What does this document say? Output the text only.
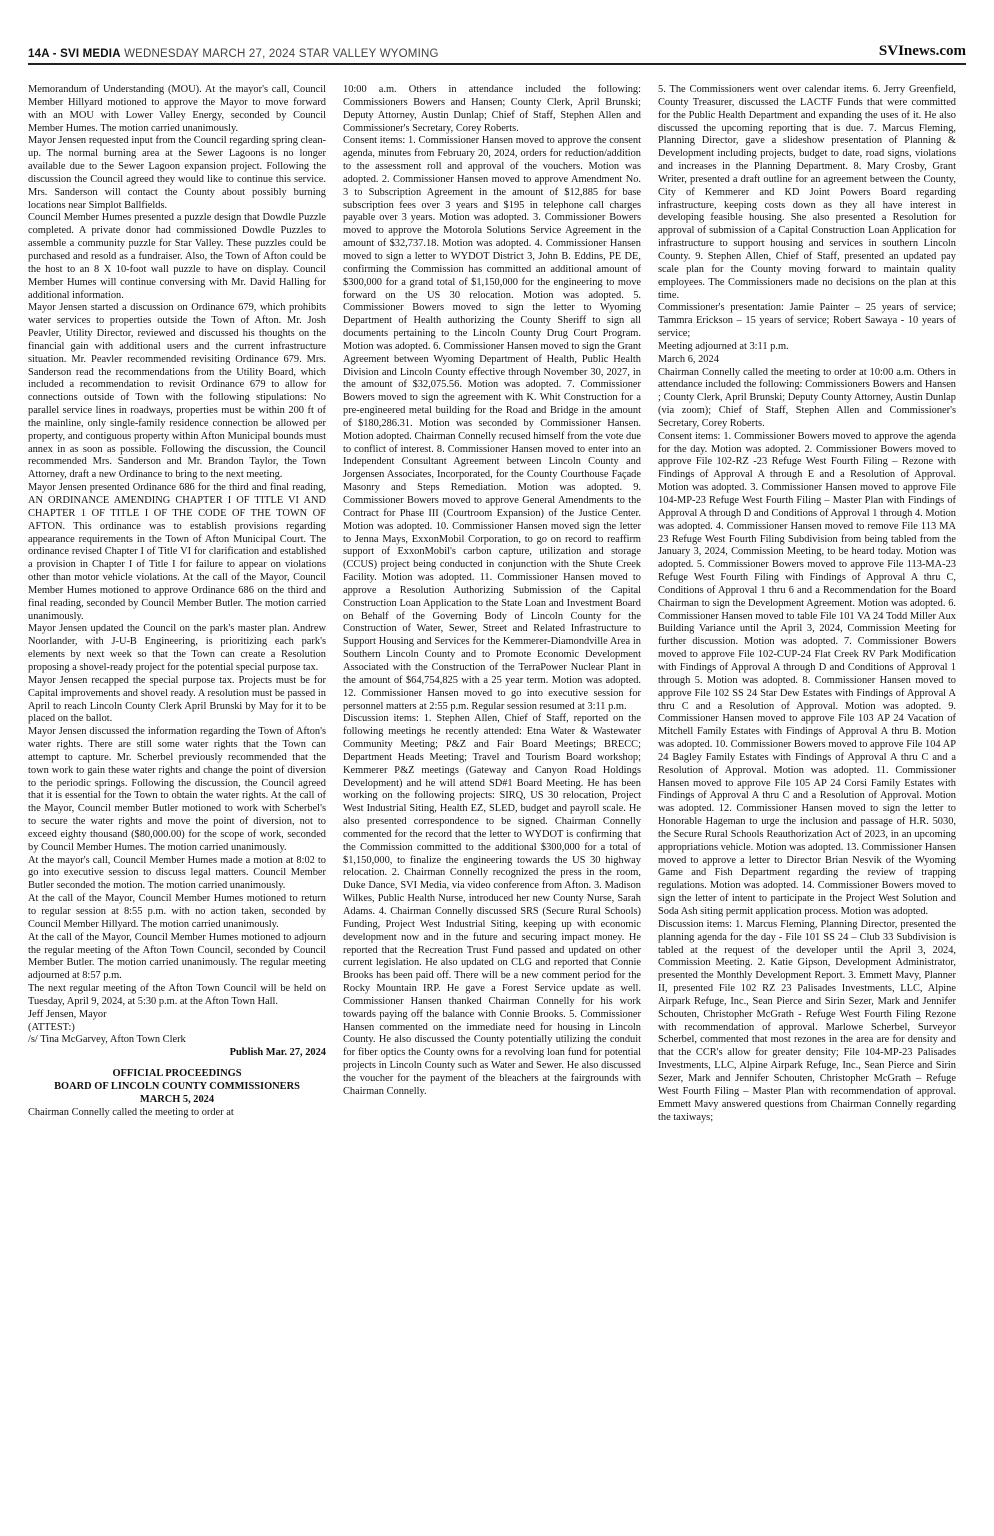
14A - SVI MEDIA WEDNESDAY MARCH 27, 2024 STAR VALLEY WYOMING	SVInews.com

Memorandum of Understanding (MOU). At the mayor's call, Council Member Hillyard motioned to approve the Mayor to move forward with an MOU with Lower Valley Energy, seconded by Council Member Humes. The motion carried unanimously.

Mayor Jensen requested input from the Council regarding spring clean-up. The normal burning area at the Sewer Lagoons is no longer available due to the Sewer Lagoon expansion project. Following the discussion the Council agreed they would like to continue this service. Mrs. Sanderson will contact the County about possibly burning locations near Simplot Ballfields.

Council Member Humes presented a puzzle design that Dowdle Puzzle completed. A private donor had commissioned Dowdle Puzzles to assemble a community puzzle for Star Valley. These puzzles could be purchased and resold as a fundraiser. Also, the Town of Afton could be the host to an 8 X 10-foot wall puzzle to have on display. Council Member Humes will continue conversing with Mr. David Halling for additional information.

Mayor Jensen started a discussion on Ordinance 679, which prohibits water services to properties outside the Town of Afton. Mr. Josh Peavler, Utility Director, reviewed and discussed his thoughts on the financial gain with additional users and the current infrastructure situation. Mr. Peavler recommended revisiting Ordinance 679. Mrs. Sanderson read the recommendations from the Utility Board, which included a recommendation to revisit Ordinance 679 to allow for connections outside of Town with the following stipulations: No parallel service lines in roadways, properties must be within 200 ft of the mainline, only single-family residence connection be allowed per property, and contiguous property within Afton Municipal bounds must annex in as soon as possible. Following the discussion, the Council recommended Mrs. Sanderson and Mr. Brandon Taylor, the Town Attorney, draft a new Ordinance to bring to the next meeting.

Mayor Jensen presented Ordinance 686 for the third and final reading, AN ORDINANCE AMENDING CHAPTER I OF TITLE VI AND CHAPTER 1 OF TITLE I OF THE CODE OF THE TOWN OF AFTON. This ordinance was to establish provisions regarding appearance requirements in the Town of Afton Municipal Court. The ordinance revised Chapter I of Title VI for clarification and established a provision in Chapter I of Title I for failure to appear on violations other than motor vehicle violations. At the call of the Mayor, Council Member Humes motioned to approve Ordinance 686 on the third and final reading, seconded by Council Member Butler. The motion carried unanimously.

Mayor Jensen updated the Council on the park's master plan. Andrew Noorlander, with J-U-B Engineering, is prioritizing each park's elements by next week so that the Town can create a Resolution proposing a shovel-ready project for the potential special purpose tax.

Mayor Jensen recapped the special purpose tax. Projects must be for Capital improvements and shovel ready. A resolution must be passed in April to reach Lincoln County Clerk April Brunski by May for it to be placed on the ballot.

Mayor Jensen discussed the information regarding the Town of Afton's water rights. There are still some water rights that the Town can attempt to capture. Mr. Scherbel previously recommended that the town work to gain these water rights and change the point of diversion to the periodic springs. Following the discussion, the Council agreed that it is essential for the Town to obtain the water rights. At the call of the Mayor, Council member Butler motioned to work with Scherbel's to secure the water rights and move the point of diversion, not to exceed eighty thousand ($80,000.00) for the scope of work, seconded by Council Member Humes. The motion carried unanimously.

At the mayor's call, Council Member Humes made a motion at 8:02 to go into executive session to discuss legal matters. Council Member Butler seconded the motion. The motion carried unanimously.

At the call of the Mayor, Council Member Humes motioned to return to regular session at 8:55 p.m. with no action taken, seconded by Council Member Hillyard. The motion carried unanimously.

At the call of the Mayor, Council Member Humes motioned to adjourn the regular meeting of the Afton Town Council, seconded by Council Member Butler. The motion carried unanimously. The regular meeting adjourned at 8:57 p.m.

The next regular meeting of the Afton Town Council will be held on Tuesday, April 9, 2024, at 5:30 p.m. at the Afton Town Hall.

Jeff Jensen, Mayor

(ATTEST:)

/s/ Tina McGarvey, Afton Town Clerk

Publish Mar. 27, 2024

OFFICIAL PROCEEDINGS

BOARD OF LINCOLN COUNTY COMMISSIONERS

MARCH 5, 2024

Chairman Connelly called the meeting to order at

10:00 a.m. Others in attendance included the following: Commissioners Bowers and Hansen; County Clerk, April Brunski; Deputy Attorney, Austin Dunlap; Chief of Staff, Stephen Allen and Commissioner's Secretary, Corey Roberts.

Consent items: 1. Commissioner Hansen moved to approve the consent agenda, minutes from February 20, 2024, orders for reduction/addition to the assessment roll and approval of the vouchers. Motion was adopted. 2. Commissioner Hansen moved to approve Amendment No. 3 to Subscription Agreement in the amount of $12,885 for base subscription fees over 3 years and $195 in telephone call charges payable over 3 years. Motion was adopted. 3. Commissioner Bowers moved to approve the Motorola Solutions Service Agreement in the amount of $32,737.18. Motion was adopted. 4. Commissioner Hansen moved to sign a letter to WYDOT District 3, John B. Eddins, PE DE, confirming the Commission has committed an additional amount of $300,000 for a grand total of $1,150,000 for the engineering to move forward on the US 30 relocation. Motion was adopted. 5. Commissioner Bowers moved to sign the letter to Wyoming Department of Health authorizing the County Sheriff to sign all documents pertaining to the Lincoln County Drug Court Program. Motion was adopted. 6. Commissioner Hansen moved to sign the Grant Agreement between Wyoming Department of Health, Public Health Division and Lincoln County effective through November 30, 2027, in the amount of $32,075.56. Motion was adopted. 7. Commissioner Bowers moved to sign the agreement with K. Whit Construction for a pre-engineered metal building for the Road and Bridge in the amount of $180,286.31. Motion was seconded by Commissioner Hansen. Motion adopted. Chairman Connelly recused himself from the vote due to conflict of interest. 8. Commissioner Hansen moved to enter into an Independent Consultant Agreement between Lincoln County and Jorgensen Associates, Incorporated, for the County Courthouse Façade Masonry and Steps Remediation. Motion was adopted. 9. Commissioner Bowers moved to approve General Amendments to the Contract for Phase III (Courtroom Expansion) of the Justice Center. Motion was adopted. 10. Commissioner Hansen moved sign the letter to Jenna Mays, ExxonMobil Corporation, to go on record to reaffirm support of ExxonMobil's carbon capture, utilization and storage (CCUS) project being conducted in conjunction with the Shute Creek Facility. Motion was adopted. 11. Commissioner Hansen moved to approve a Resolution Authorizing Submission of the Capital Construction Loan Application to the State Loan and Investment Board on Behalf of the Governing Body of Lincoln County for the Construction of Water, Sewer, Street and Related Infrastructure to Support Housing and Services for the Kemmerer-Diamondville Area in Southern Lincoln County and to Promote Economic Development Associated with the Construction of the TerraPower Nuclear Plant in the amount of $64,754,825 with a 25 year term. Motion was adopted. 12. Commissioner Hansen moved to go into executive session for personnel matters at 2:55 p.m. Regular session resumed at 3:11 p.m.

Discussion items: 1. Stephen Allen, Chief of Staff, reported on the following meetings he recently attended: Etna Water & Wastewater Community Meeting; P&Z and Fair Board Meetings; BRECC; Department Heads Meeting; Travel and Tourism Board workshop; Kemmerer P&Z meetings (Gateway and Canyon Road Holdings Development) and he will attend SD#1 Board Meeting. He has been working on the following projects: SIRQ, US 30 relocation, Project West Industrial Siting, Health EZ, SLED, budget and payroll scale. He also presented correspondence to be signed. Chairman Connelly commented for the record that the letter to WYDOT is confirming that the Commission committed to the additional $300,000 for a total of $1,150,000, to finalize the engineering towards the US 30 highway relocation. 2. Chairman Connelly recognized the press in the room, Duke Dance, SVI Media, via video conference from Afton. 3. Madison Wilkes, Public Health Nurse, introduced her new County Nurse, Sarah Adams. 4. Chairman Connelly discussed SRS (Secure Rural Schools) Funding, Project West Industrial Siting, keeping up with economic development now and in the future and securing impact money. He reported that the Recreation Trust Fund passed and updated on other current legislation. He also updated on CLG and reported that Connie Brooks has been paid off. There will be a new comment period for the Rocky Mountain IRP. He gave a Forest Service update as well. Commissioner Hansen thanked Chairman Connelly for his work towards paying off the balance with Connie Brooks. 5. Commissioner Hansen commented on the immediate need for housing in Lincoln County. He also discussed the County potentially utilizing the conduit for fiber optics the County owns for a revolving loan fund for potential projects in Lincoln County such as Water and Sewer. He also discussed the voucher for the payment of the bleachers at the fairgrounds with Chairman Connelly.

5. The Commissioners went over calendar items. 6. Jerry Greenfield, County Treasurer, discussed the LACTF Funds that were committed for the Public Health Department and expanding the uses of it. He also discussed the upcoming reporting that is due. 7. Marcus Fleming, Planning Director, gave a slideshow presentation of Planning & Development including projects, budget to date, road signs, violations and increases in the Planning Department. 8. Mary Crosby, Grant Writer, presented a draft outline for an agreement between the County, City of Kemmerer and KD Joint Powers Board regarding infrastructure, keeping costs down as they all have interest in developing feasible housing. She also presented a Resolution for approval of submission of a Capital Construction Loan Application for infrastructure to support housing and services in southern Lincoln County. 9. Stephen Allen, Chief of Staff, presented an updated pay scale plan for the County moving forward to maintain quality employees. The Commissioners made no decisions on the plan at this time.

Commissioner's presentation: Jamie Painter – 25 years of service; Tammra Erickson – 15 years of service; Robert Sawaya - 10 years of service;

Meeting adjourned at 3:11 p.m.

March 6, 2024

Chairman Connelly called the meeting to order at 10:00 a.m. Others in attendance included the following: Commissioners Bowers and Hansen ; County Clerk, April Brunski; Deputy County Attorney, Austin Dunlap (via zoom); Chief of Staff, Stephen Allen and Commissioner's Secretary, Corey Roberts.

Consent items: 1. Commissioner Bowers moved to approve the agenda for the day. Motion was adopted. 2. Commissioner Bowers moved to approve File 102-RZ -23 Refuge West Fourth Filing – Rezone with Findings of Approval A through E and a Resolution of Approval. Motion was adopted. 3. Commissioner Hansen moved to approve File 104-MP-23 Refuge West Fourth Filing – Master Plan with Findings of Approval A through D and Conditions of Approval 1 through 4. Motion was adopted. 4. Commissioner Hansen moved to remove File 113 MA 23 Refuge West Fourth Filing Subdivision from being tabled from the January 3, 2024, Commission Meeting, to be heard today. Motion was adopted. 5. Commissioner Bowers moved to approve File 113-MA-23 Refuge West Fourth Filing with Findings of Approval A thru C, Conditions of Approval 1 thru 6 and a Recommendation for the Board Chairman to sign the Development Agreement. Motion was adopted. 6. Commissioner Hansen moved to table File 101 VA 24 Todd Miller Aux Building Variance until the April 3, 2024, Commission Meeting for further discussion. Motion was adopted. 7. Commissioner Bowers moved to approve File 102-CUP-24 Flat Creek RV Park Modification with Findings of Approval A through D and Conditions of Approval 1 through 5. Motion was adopted. 8. Commissioner Hansen moved to approve File 102 SS 24 Star Dew Estates with Findings of Approval A thru C and a Resolution of Approval. Motion was adopted. 9. Commissioner Hansen moved to approve File 103 AP 24 Vacation of Mitchell Family Estates with Findings of Approval A thru B. Motion was adopted. 10. Commissioner Bowers moved to approve File 104 AP 24 Bagley Family Estates with Findings of Approval A thru C and a Resolution of Approval. Motion was adopted. 11. Commissioner Hansen moved to approve File 105 AP 24 Corsi Family Estates with Findings of Approval A thru C and a Resolution of Approval. Motion was adopted. 12. Commissioner Hansen moved to sign the letter to Honorable Hageman to urge the inclusion and passage of H.R. 5030, the Secure Rural Schools Reauthorization Act of 2023, in an upcoming appropriations vehicle. Motion was adopted. 13. Commissioner Hansen moved to approve a letter to Director Brian Nesvik of the Wyoming Game and Fish Department regarding the review of trapping regulations. Motion was adopted. 14. Commissioner Bowers moved to sign the letter of intent to participate in the Project West Solution and Soda Ash siting permit application process. Motion was adopted.

Discussion items: 1. Marcus Fleming, Planning Director, presented the planning agenda for the day - File 101 SS 24 – Club 33 Subdivision is tabled at the request of the developer until the April 3, 2024, Commission Meeting. 2. Katie Gipson, Development Administrator, presented the Monthly Development Report. 3. Emmett Mavy, Planner II, presented File 102 RZ 23 Palisades Investments, LLC, Alpine Airpark Refuge, Inc., Sean Pierce and Sirin Sezer, Mark and Jennifer Schouten, Christopher McGrath - Refuge West Fourth Filing Rezone with recommendation of approval. Marlowe Scherbel, Surveyor Scherbel, commented that most rezones in the area are for density and that the CCR's allow for greater density; File 104-MP-23 Palisades Investments, LLC, Alpine Airpark Refuge, Inc., Sean Pierce and Sirin Sezer, Mark and Jennifer Schouten, Christopher McGrath – Refuge West Fourth Filing – Master Plan with recommendation of approval. Emmett Mavy answered questions from Chairman Connelly regarding the taxiways;
